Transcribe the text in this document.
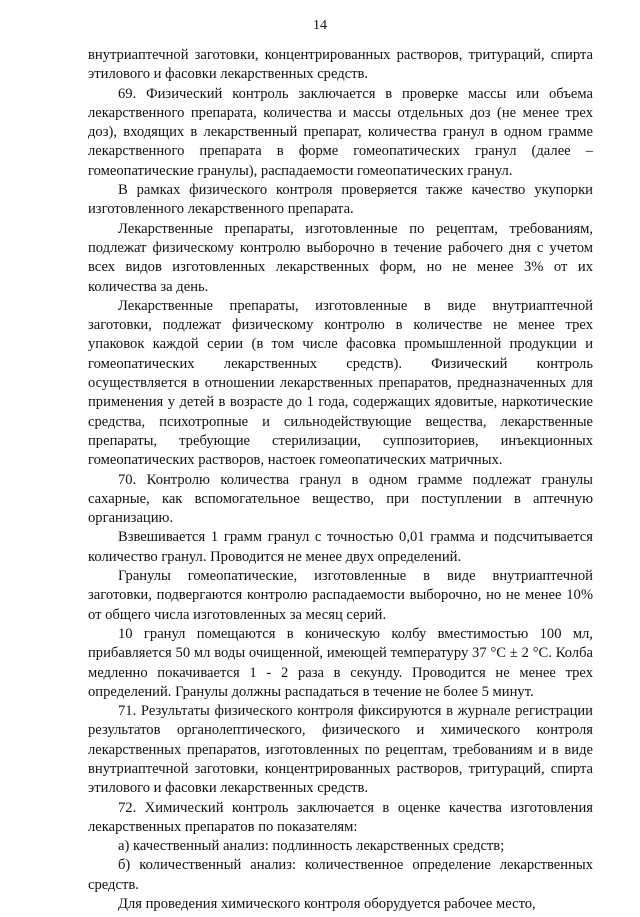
14

внутриаптечной заготовки, концентрированных растворов, тритураций, спирта этилового и фасовки лекарственных средств.

69. Физический контроль заключается в проверке массы или объема лекарственного препарата, количества и массы отдельных доз (не менее трех доз), входящих в лекарственный препарат, количества гранул в одном грамме лекарственного препарата в форме гомеопатических гранул (далее – гомеопатические гранулы), распадаемости гомеопатических гранул.

В рамках физического контроля проверяется также качество укупорки изготовленного лекарственного препарата.

Лекарственные препараты, изготовленные по рецептам, требованиям, подлежат физическому контролю выборочно в течение рабочего дня с учетом всех видов изготовленных лекарственных форм, но не менее 3% от их количества за день.

Лекарственные препараты, изготовленные в виде внутриаптечной заготовки, подлежат физическому контролю в количестве не менее трех упаковок каждой серии (в том числе фасовка промышленной продукции и гомеопатических лекарственных средств). Физический контроль осуществляется в отношении лекарственных препаратов, предназначенных для применения у детей в возрасте до 1 года, содержащих ядовитые, наркотические средства, психотропные и сильнодействующие вещества, лекарственные препараты, требующие стерилизации, суппозиториев, инъекционных гомеопатических растворов, настоек гомеопатических матричных.

70. Контролю количества гранул в одном грамме подлежат гранулы сахарные, как вспомогательное вещество, при поступлении в аптечную организацию.

Взвешивается 1 грамм гранул с точностью 0,01 грамма и подсчитывается количество гранул. Проводится не менее двух определений.

Гранулы гомеопатические, изготовленные в виде внутриаптечной заготовки, подвергаются контролю распадаемости выборочно, но не менее 10% от общего числа изготовленных за месяц серий.

10 гранул помещаются в коническую колбу вместимостью 100 мл, прибавляется 50 мл воды очищенной, имеющей температуру 37 °С ± 2 °С. Колба медленно покачивается 1 - 2 раза в секунду. Проводится не менее трех определений. Гранулы должны распадаться в течение не более 5 минут.

71. Результаты физического контроля фиксируются в журнале регистрации результатов органолептического, физического и химического контроля лекарственных препаратов, изготовленных по рецептам, требованиям и в виде внутриаптечной заготовки, концентрированных растворов, тритураций, спирта этилового и фасовки лекарственных средств.

72. Химический контроль заключается в оценке качества изготовления лекарственных препаратов по показателям:

а) качественный анализ: подлинность лекарственных средств;

б) количественный анализ: количественное определение лекарственных средств.

Для проведения химического контроля оборудуется рабочее место,
